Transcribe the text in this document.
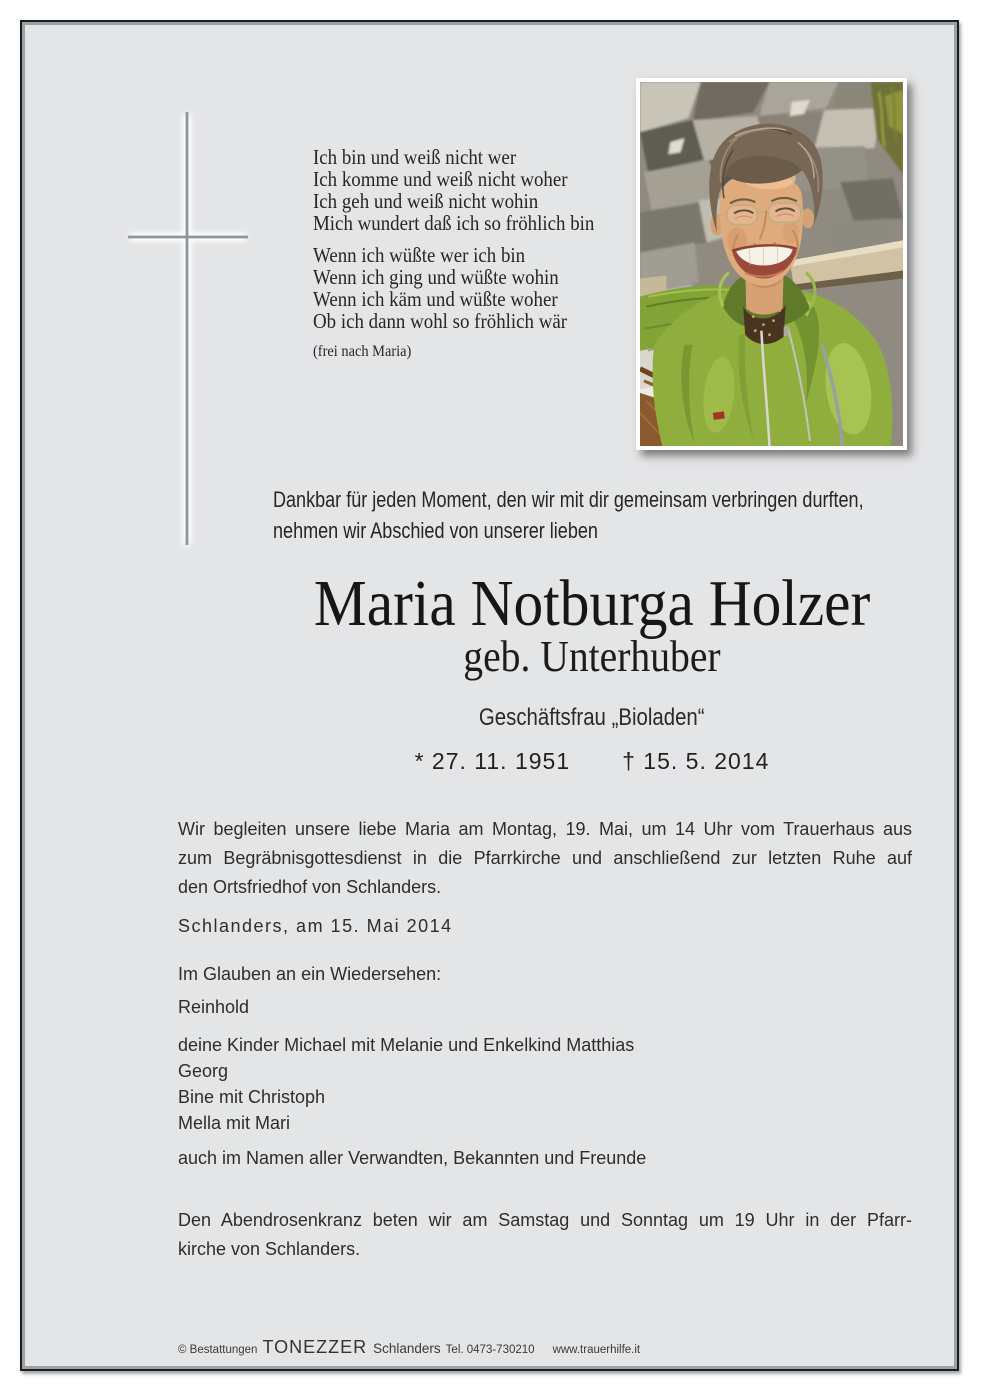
Ich bin und weiß nicht wer
Ich komme und weiß nicht woher
Ich geh und weiß nicht wohin
Mich wundert daß ich so fröhlich bin
Wenn ich wüßte wer ich bin
Wenn ich ging und wüßte wohin
Wenn ich käm und wüßte woher
Ob ich dann wohl so fröhlich wär
(frei nach Maria)
Dankbar für jeden Moment, den wir mit dir gemeinsam verbringen durften,
nehmen wir Abschied von unserer lieben
Maria Notburga Holzer
geb. Unterhuber
Geschäftsfrau „Bioladen“
* 27. 11. 1951 † 15. 5. 2014
Wir begleiten unsere liebe Maria am Montag, 19. Mai, um 14 Uhr vom Trauerhaus aus
zum Begräbnisgottesdienst in die Pfarrkirche und anschließend zur letzten Ruhe auf
den Ortsfriedhof von Schlanders.
Schlanders, am 15. Mai 2014
Im Glauben an ein Wiedersehen:
Reinhold
deine Kinder Michael mit Melanie und Enkelkind Matthias
Georg
Bine mit Christoph
Mella mit Mari
auch im Namen aller Verwandten, Bekannten und Freunde
Den Abendrosenkranz beten wir am Samstag und Sonntag um 19 Uhr in der Pfarr-
kirche von Schlanders.
© Bestattungen TONEZZER Schlanders Tel. 0473-730210 www.trauerhilfe.it
